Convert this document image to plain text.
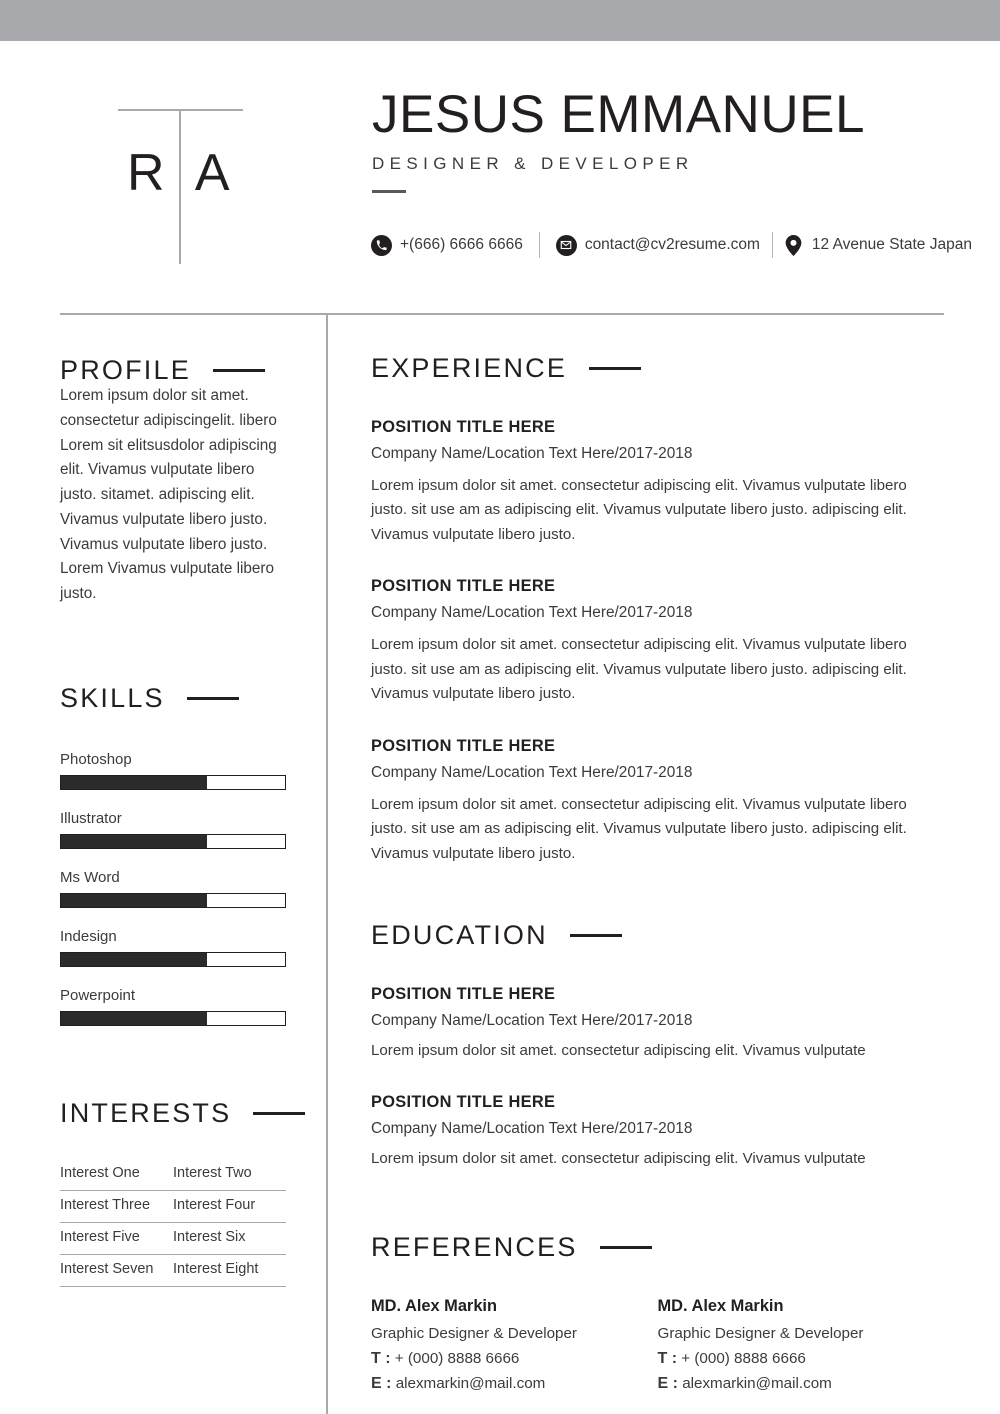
R A
JESUS EMMANUEL
DESIGNER & DEVELOPER
+(666) 6666 6666	contact@cv2resume.com	12 Avenue State Japan
PROFILE
Lorem ipsum dolor sit amet. consectetur adipiscingelit. libero Lorem sit elitsusdolor adipiscing elit. Vivamus vulputate libero justo. sitamet. adipiscing elit. Vivamus vulputate libero justo. Vivamus vulputate libero justo. Lorem Vivamus vulputate libero justo.
SKILLS
Photoshop
Illustrator
Ms Word
Indesign
Powerpoint
INTERESTS
Interest One	Interest Two
Interest Three	Interest Four
Interest Five	Interest Six
Interest Seven	Interest Eight
EXPERIENCE
POSITION TITLE HERE
Company Name/Location Text Here/2017-2018
Lorem ipsum dolor sit amet. consectetur adipiscing elit. Vivamus vulputate libero justo. sit use am as adipiscing elit. Vivamus vulputate libero justo. adipiscing elit. Vivamus vulputate libero justo.
POSITION TITLE HERE
Company Name/Location Text Here/2017-2018
Lorem ipsum dolor sit amet. consectetur adipiscing elit. Vivamus vulputate libero justo. sit use am as adipiscing elit. Vivamus vulputate libero justo. adipiscing elit. Vivamus vulputate libero justo.
POSITION TITLE HERE
Company Name/Location Text Here/2017-2018
Lorem ipsum dolor sit amet. consectetur adipiscing elit. Vivamus vulputate libero justo. sit use am as adipiscing elit. Vivamus vulputate libero justo. adipiscing elit. Vivamus vulputate libero justo.
EDUCATION
POSITION TITLE HERE
Company Name/Location Text Here/2017-2018
Lorem ipsum dolor sit amet. consectetur adipiscing elit. Vivamus vulputate
POSITION TITLE HERE
Company Name/Location Text Here/2017-2018
Lorem ipsum dolor sit amet. consectetur adipiscing elit. Vivamus vulputate
REFERENCES
MD. Alex Markin
Graphic Designer & Developer
T : + (000) 8888 6666
E : alexmarkin@mail.com
MD. Alex Markin
Graphic Designer & Developer
T : + (000) 8888 6666
E : alexmarkin@mail.com
